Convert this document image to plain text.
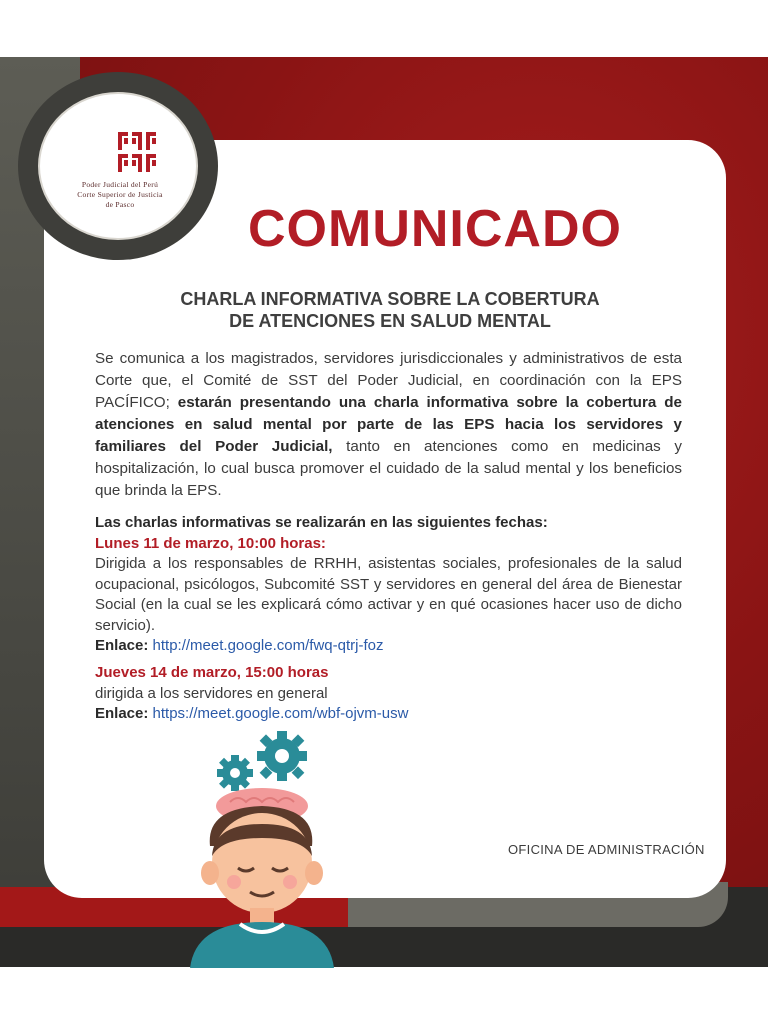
Poder Judicial del Perú
Corte Superior de Justicia
de Pasco	COMUNICADO
CHARLA INFORMATIVA SOBRE LA COBERTURA
DE ATENCIONES EN SALUD MENTAL
Se comunica a los magistrados, servidores jurisdiccionales y administrativos de esta Corte que, el Comité de SST del Poder Judicial, en coordinación con la EPS PACÍFICO; estarán presentando una charla informativa sobre la cobertura de atenciones en salud mental por parte de las EPS hacia los servidores y familiares del Poder Judicial, tanto en atenciones como en medicinas y hospitalización, lo cual busca promover el cuidado de la salud mental y los beneficios que brinda la EPS.
Las charlas informativas se realizarán en las siguientes fechas:
Lunes 11 de marzo, 10:00 horas:
Dirigida a los responsables de RRHH, asistentas sociales, profesionales de la salud ocupacional, psicólogos, Subcomité SST y servidores en general del área de Bienestar Social (en la cual se les explicará cómo activar y en qué ocasiones hacer uso de dicho servicio).
Enlace: http://meet.google.com/fwq-qtrj-foz
Jueves 14 de marzo, 15:00 horas
dirigida a los servidores en general
Enlace: https://meet.google.com/wbf-ojvm-usw
OFICINA DE ADMINISTRACIÓN
